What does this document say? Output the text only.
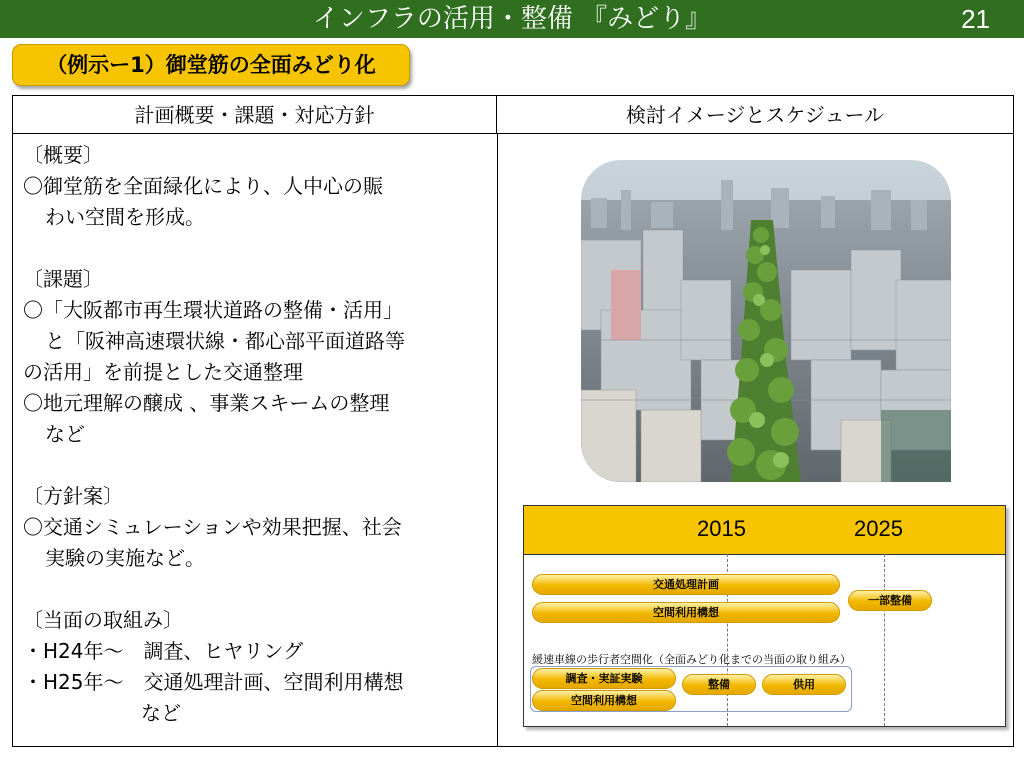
インフラの活用・整備 『みどり』	21
（例示ー1）御堂筋の全面みどり化
計画概要・課題・対応方針	検討イメージとスケジュール
〔概要〕
〇御堂筋を全面緑化により、人中心の賑
わい空間を形成。
〔課題〕
〇「大阪都市再生環状道路の整備・活用」
と「阪神高速環状線・都心部平面道路等
の活用」を前提とした交通整理
〇地元理解の醸成 、事業スキームの整理
など
〔方針案〕
〇交通シミュレーションや効果把握、社会
実験の実施など。
〔当面の取組み〕
・H24年～　調査、ヒヤリング
・H25年～　交通処理計画、空間利用構想
など
2015	2025
交通処理計画
空間利用構想
一部整備
緩速車線の歩行者空間化（全面みどり化までの当面の取り組み）
調査・実証実験
空間利用構想
整備	供用
